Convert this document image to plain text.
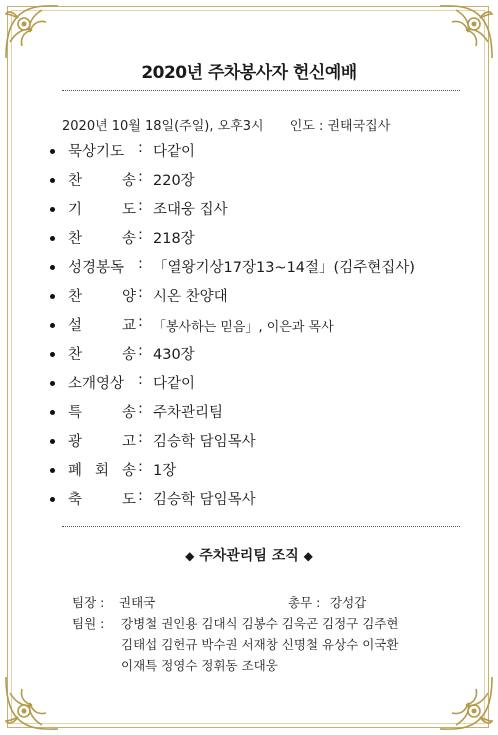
2020년 주차봉사자 헌신예배
2020년 10월 18일(주일), 오후3시 인도 : 권태국집사
묵상기도 : 다같이
찬	송 : 220장
기	도 : 조대웅 집사
찬	송 : 218장
성경봉독 : 「열왕기상17장13~14절」(김주현집사)
찬	양 : 시온 찬양대
설	교 : 「봉사하는 믿음」, 이은과 목사
찬	송 : 430장
소개영상 : 다같이
특	송 : 주차관리팀
광	고 : 김승학 담임목사
폐 회 송 : 1장
축	도 : 김승학 담임목사
◆ 주차관리팀 조직 ◆
팀장 : 권태국	총무 : 강성갑
팀원 : 강병철 권인용 김대식 김봉수 김욱곤 김정구 김주현
김태섭 김헌규 박수권 서재창 신명철 유상수 이국환
이재특 정영수 정휘동 조대웅
